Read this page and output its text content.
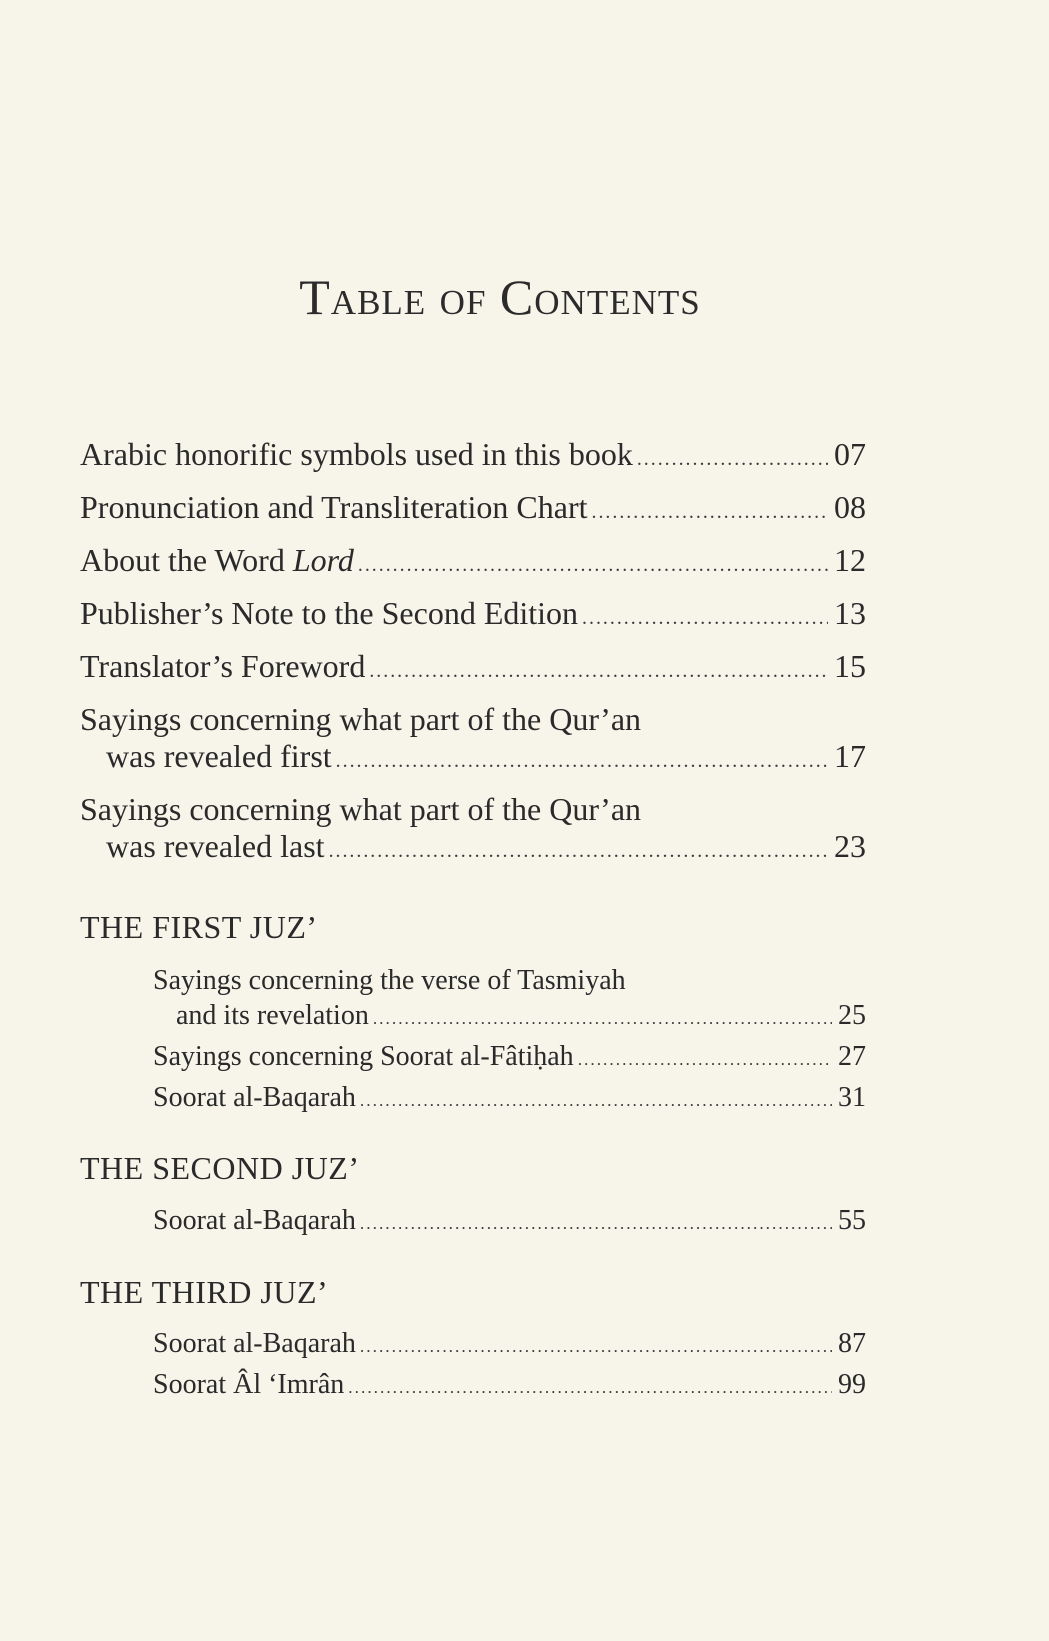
Table of Contents
Arabic honorific symbols used in this book .....	07
Pronunciation and Transliteration Chart .....	08
About the Word Lord .....	12
Publisher’s Note to the Second Edition .....	13
Translator’s Foreword .....	15
Sayings concerning what part of the Qur’an
was revealed first .....	17
Sayings concerning what part of the Qur’an
was revealed last .....	23
THE FIRST JUZ’
Sayings concerning the verse of Tasmiyah
and its revelation .....	25
Sayings concerning Soorat al-Fâtiḥah .....	27
Soorat al-Baqarah .....	31
THE SECOND JUZ’
Soorat al-Baqarah .....	55
THE THIRD JUZ’
Soorat al-Baqarah .....	87
Soorat Âl ‘Imrân .....	99
